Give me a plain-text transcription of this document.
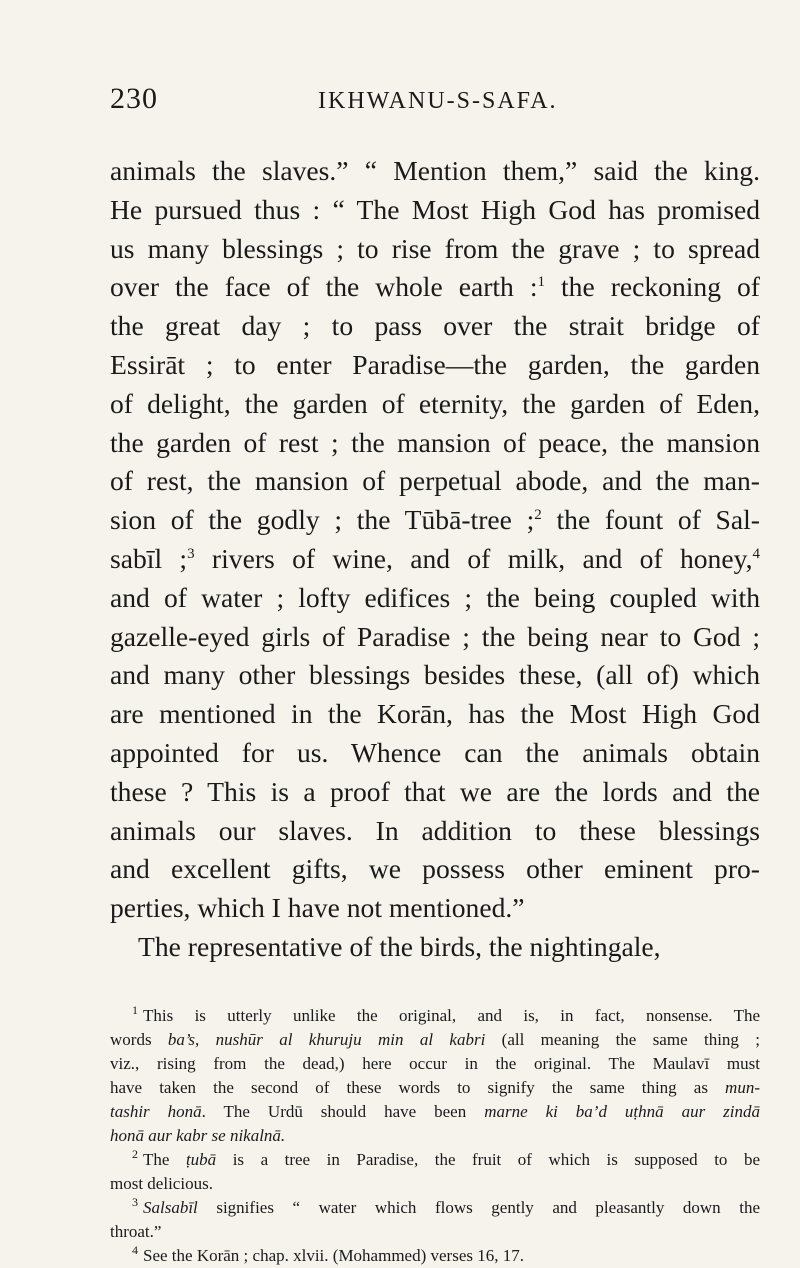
230	IKHWANU-S-SAFA.
animals the slaves.” “ Mention them,” said the king.
He pursued thus : “ The Most High God has promised
us many blessings ; to rise from the grave ; to spread
over the face of the whole earth :$^1$ the reckoning of
the great day ; to pass over the strait bridge of
Essirāt ; to enter Paradise—the garden, the garden
of delight, the garden of eternity, the garden of Eden,
the garden of rest ; the mansion of peace, the mansion
of rest, the mansion of perpetual abode, and the man-
sion of the godly ; the Tūbā-tree ;$^2$ the fount of Sal-
sabīl ;$^3$ rivers of wine, and of milk, and of honey,$^4$
and of water ; lofty edifices ; the being coupled with
gazelle-eyed girls of Paradise ; the being near to God ;
and many other blessings besides these, (all of) which
are mentioned in the Korān, has the Most High God
appointed for us. Whence can the animals obtain
these ? This is a proof that we are the lords and the
animals our slaves. In addition to these blessings
and excellent gifts, we possess other eminent pro-
perties, which I have not mentioned.”
The representative of the birds, the nightingale,
$^1$ This is utterly unlike the original, and is, in fact, nonsense. The
words ba’s, nushūr al khuruju min al kabri (all meaning the same thing ;
viz., rising from the dead,) here occur in the original. The Maulavī must
have taken the second of these words to signify the same thing as mun-
tashir honā. The Urdū should have been marne ki ba’d uṭhnā aur zindā
honā aur kabr se nikalnā.
$^2$ The ṭubā is a tree in Paradise, the fruit of which is supposed to be
most delicious.
$^3$ Salsabīl signifies “ water which flows gently and pleasantly down the
throat.”
$^4$ See the Korān ; chap. xlvii. (Mohammed) verses 16, 17.
